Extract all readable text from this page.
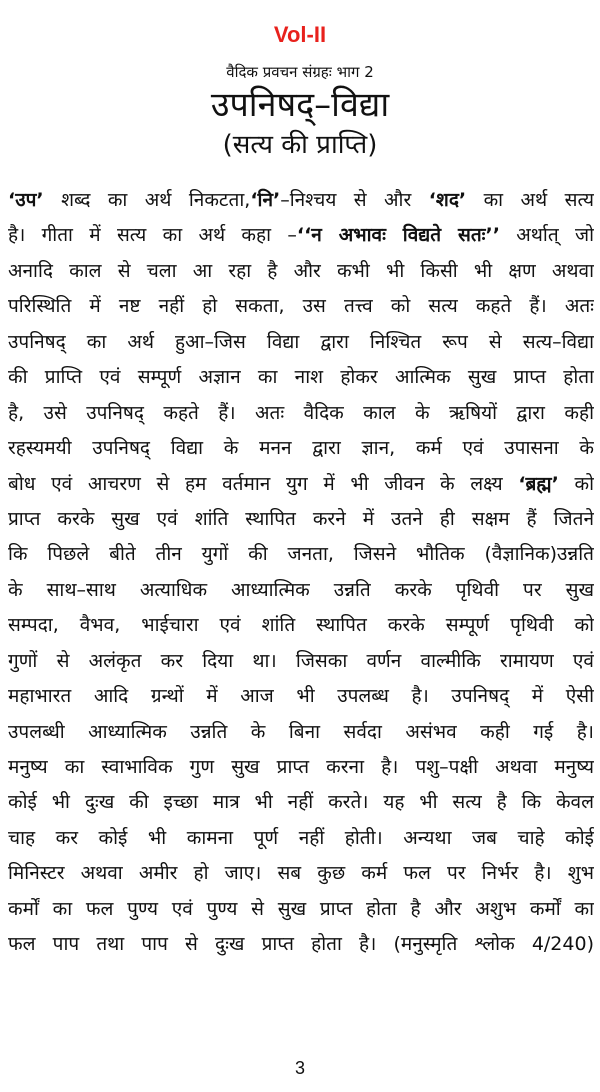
Vol-II
वैदिक प्रवचन संग्रहः भाग 2
उपनिषद्–विद्या
(सत्य की प्राप्ति)
‘उप’ शब्द का अर्थ निकटता,‘नि’–निश्चय से और ‘शद’ का अर्थ सत्य
है। गीता में सत्य का अर्थ कहा –‘‘न अभावः विद्यते सतः’’ अर्थात् जो
अनादि काल से चला आ रहा है और कभी भी किसी भी क्षण अथवा
परिस्थिति में नष्ट नहीं हो सकता, उस तत्त्व को सत्य कहते हैं। अतः
उपनिषद् का अर्थ हुआ–जिस विद्या द्वारा निश्चित रूप से सत्य–विद्या
की प्राप्ति एवं सम्पूर्ण अज्ञान का नाश होकर आत्मिक सुख प्राप्त होता
है, उसे उपनिषद् कहते हैं। अतः वैदिक काल के ऋषियों द्वारा कही
रहस्यमयी उपनिषद् विद्या के मनन द्वारा ज्ञान, कर्म एवं उपासना के
बोध एवं आचरण से हम वर्तमान युग में भी जीवन के लक्ष्य ‘ब्रह्म’ को
प्राप्त करके सुख एवं शांति स्थापित करने में उतने ही सक्षम हैं जितने
कि पिछले बीते तीन युगों की जनता, जिसने भौतिक (वैज्ञानिक)उन्नति
के साथ–साथ अत्याधिक आध्यात्मिक उन्नति करके पृथिवी पर सुख
सम्पदा, वैभव, भाईचारा एवं शांति स्थापित करके सम्पूर्ण पृथिवी को
गुणों से अलंकृत कर दिया था। जिसका वर्णन वाल्मीकि रामायण एवं
महाभारत आदि ग्रन्थों में आज भी उपलब्ध है। उपनिषद् में ऐसी
उपलब्धी आध्यात्मिक उन्नति के बिना सर्वदा असंभव कही गई है।
मनुष्य का स्वाभाविक गुण सुख प्राप्त करना है। पशु–पक्षी अथवा मनुष्य
कोई भी दुःख की इच्छा मात्र भी नहीं करते। यह भी सत्य है कि केवल
चाह कर कोई भी कामना पूर्ण नहीं होती। अन्यथा जब चाहे कोई
मिनिस्टर अथवा अमीर हो जाए। सब कुछ कर्म फल पर निर्भर है। शुभ
कर्मों का फल पुण्य एवं पुण्य से सुख प्राप्त होता है और अशुभ कर्मों का
फल पाप तथा पाप से दुःख प्राप्त होता है। (मनुस्मृति श्लोक 4/240)
3
